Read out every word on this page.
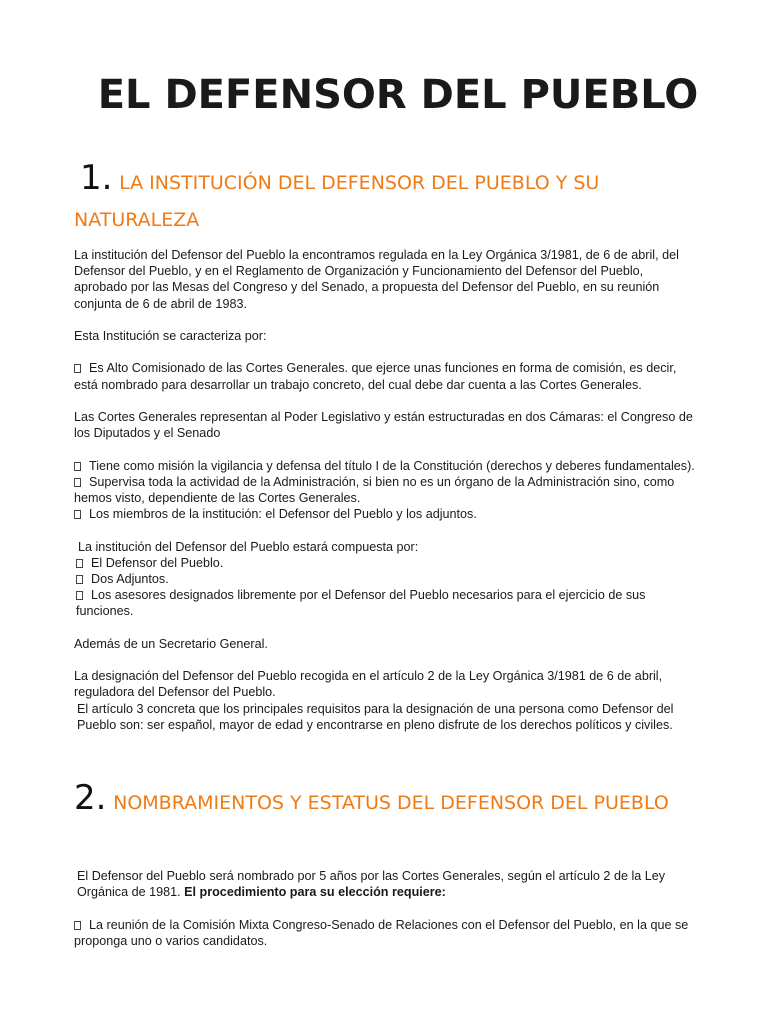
EL DEFENSOR DEL PUEBLO
1. LA INSTITUCIÓN DEL DEFENSOR DEL PUEBLO Y SU NATURALEZA

La institución del Defensor del Pueblo la encontramos regulada en la Ley Orgánica 3/1981, de 6 de abril, del Defensor del Pueblo, y en el Reglamento de Organización y Funcionamiento del Defensor del Pueblo, aprobado por las Mesas del Congreso y del Senado, a propuesta del Defensor del Pueblo, en su reunión conjunta de 6 de abril de 1983.

Esta Institución se caracteriza por:

Es Alto Comisionado de las Cortes Generales. que ejerce unas funciones en forma de comisión, es decir, está nombrado para desarrollar un trabajo concreto, del cual debe dar cuenta a las Cortes Generales.

Las Cortes Generales representan al Poder Legislativo y están estructuradas en dos Cámaras: el Congreso de los Diputados y el Senado

Tiene como misión la vigilancia y defensa del título I de la Constitución (derechos y deberes fundamentales).

Supervisa toda la actividad de la Administración, si bien no es un órgano de la Administración sino, como hemos visto, dependiente de las Cortes Generales.

Los miembros de la institución: el Defensor del Pueblo y los adjuntos.

La institución del Defensor del Pueblo estará compuesta por:

El Defensor del Pueblo.

Dos Adjuntos.

Los asesores designados libremente por el Defensor del Pueblo necesarios para el ejercicio de sus funciones.

Además de un Secretario General.

La designación del Defensor del Pueblo recogida en el artículo 2 de la Ley Orgánica 3/1981 de 6 de abril, reguladora del Defensor del Pueblo.

El artículo 3 concreta que los principales requisitos para la designación de una persona como Defensor del Pueblo son: ser español, mayor de edad y encontrarse en pleno disfrute de los derechos políticos y civiles.

2. NOMBRAMIENTOS Y ESTATUS DEL DEFENSOR DEL PUEBLO

El Defensor del Pueblo será nombrado por 5 años por las Cortes Generales, según el artículo 2 de la Ley Orgánica de 1981. El procedimiento para su elección requiere:

La reunión de la Comisión Mixta Congreso-Senado de Relaciones con el Defensor del Pueblo, en la que se proponga uno o varios candidatos.
